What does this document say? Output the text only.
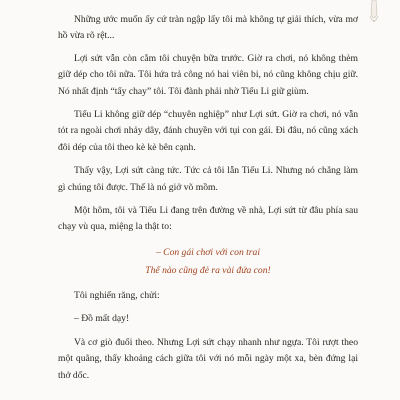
Những ước muốn ấy cứ tràn ngập lấy tôi mà không tự giải thích, vừa mơ hồ vừa rõ rệt...

Lợi sứt vẫn còn cằm tôi chuyện bữa trước. Giờ ra chơi, nó không thèm giữ dép cho tôi nữa. Tôi hứa trả công nó hai viên bi, nó cũng không chịu giữ. Nó nhất định “tẩy chay” tôi. Tôi đành phải nhờ Tiểu Li giữ giùm.

Tiểu Li không giữ dép “chuyên nghiệp” như Lợi sứt. Giờ ra chơi, nó vẫn tót ra ngoài chơi nhảy dây, đánh chuyền với tụi con gái. Đi đâu, nó cũng xách đôi dép của tôi theo kè kè bên cạnh.

Thấy vậy, Lợi sứt càng tức. Tức cả tôi lẫn Tiểu Li. Nhưng nó chẳng làm gì chúng tôi được. Thế là nó giở võ mồm.

Một hôm, tôi và Tiểu Li đang trên đường về nhà, Lợi sứt từ đâu phía sau chạy vù qua, miệng la thật to:

– Con gái chơi với con trai
Thế nào cũng đẻ ra vài đứa con!

Tôi nghiến răng, chửi:

– Đồ mất dạy!

Và cơ giò đuổi theo. Nhưng Lợi sứt chạy nhanh như ngựa. Tôi rượt theo một quãng, thấy khoảng cách giữa tôi với nó mỗi ngày một xa, bèn đứng lại thở dốc.
